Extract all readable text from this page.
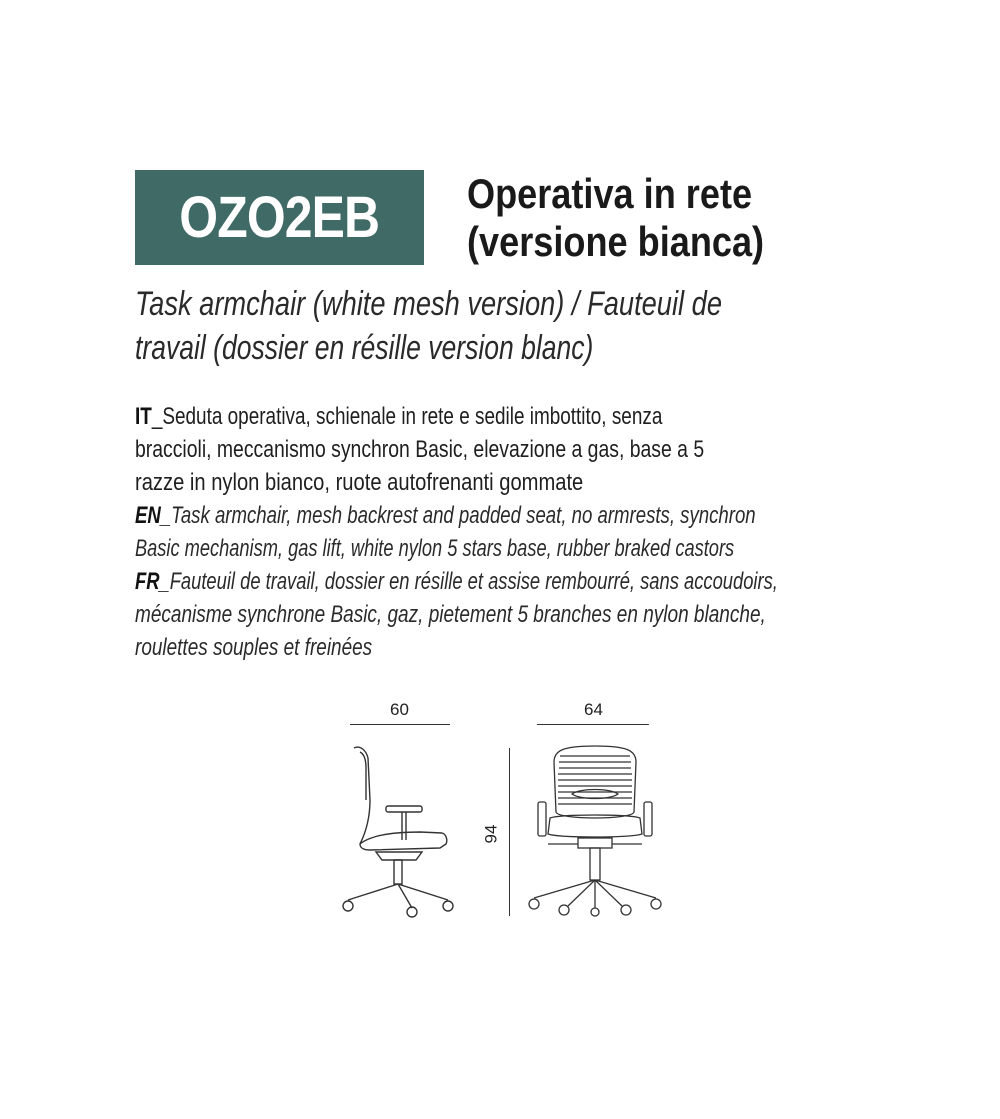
OZO2EB Operativa in rete
(versione bianca)
Task armchair (white mesh version) / Fauteuil de
travail (dossier en résille version blanc)
IT_Seduta operativa, schienale in rete e sedile imbottito, senza
braccioli, meccanismo synchron Basic, elevazione a gas, base a 5
razze in nylon bianco, ruote autofrenanti gommate
EN_Task armchair, mesh backrest and padded seat, no armrests, synchron
Basic mechanism, gas lift, white nylon 5 stars base, rubber braked castors
FR_Fauteuil de travail, dossier en résille et assise rembourré, sans accoudoirs,
mécanisme synchrone Basic, gaz, pietement 5 branches en nylon blanche,
roulettes souples et freinées
60	64
94
